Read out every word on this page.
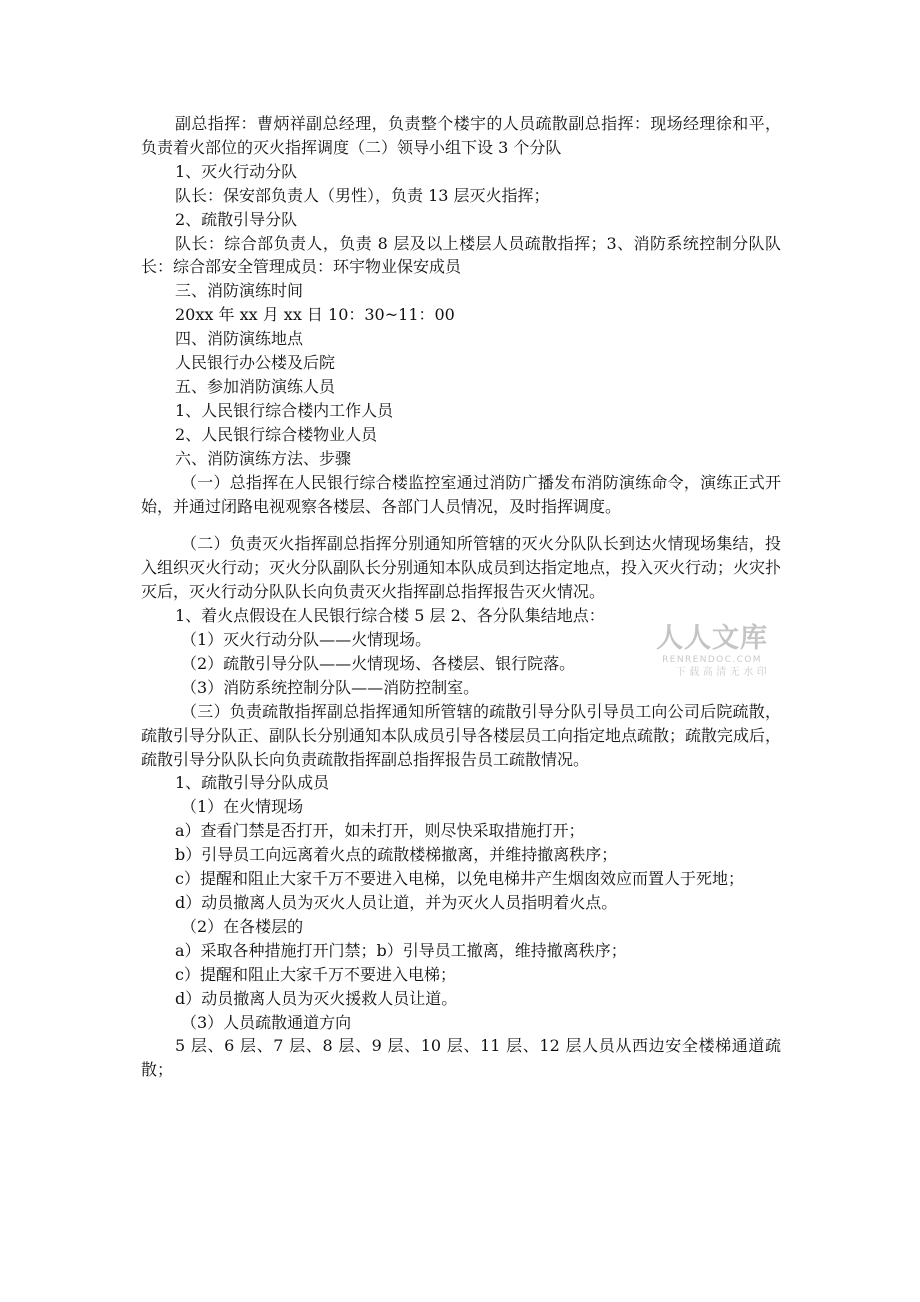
副总指挥：曹炳祥副总经理，负责整个楼宇的人员疏散副总指挥：现场经理徐和平，负责着火部位的灭火指挥调度（二）领导小组下设 3 个分队

1、灭火行动分队

队长：保安部负责人（男性），负责 13 层灭火指挥；

2、疏散引导分队

队长：综合部负责人，负责 8 层及以上楼层人员疏散指挥；3、消防系统控制分队队长：综合部安全管理成员：环宇物业保安成员

三、消防演练时间

20xx 年 xx 月 xx 日 10：30~11：00

四、消防演练地点

人民银行办公楼及后院

五、参加消防演练人员

1、人民银行综合楼内工作人员

2、人民银行综合楼物业人员

六、消防演练方法、步骤

（一）总指挥在人民银行综合楼监控室通过消防广播发布消防演练命令，演练正式开始，并通过闭路电视观察各楼层、各部门人员情况，及时指挥调度。

（二）负责灭火指挥副总指挥分别通知所管辖的灭火分队队长到达火情现场集结，投入组织灭火行动；灭火分队副队长分别通知本队成员到达指定地点，投入灭火行动；火灾扑灭后，灭火行动分队队长向负责灭火指挥副总指挥报告灭火情况。

1、着火点假设在人民银行综合楼 5 层 2、各分队集结地点：

（1）灭火行动分队——火情现场。

（2）疏散引导分队——火情现场、各楼层、银行院落。

（3）消防系统控制分队——消防控制室。

（三）负责疏散指挥副总指挥通知所管辖的疏散引导分队引导员工向公司后院疏散，疏散引导分队正、副队长分别通知本队成员引导各楼层员工向指定地点疏散；疏散完成后，疏散引导分队队长向负责疏散指挥副总指挥报告员工疏散情况。

1、疏散引导分队成员

（1）在火情现场

a）查看门禁是否打开，如未打开，则尽快采取措施打开；

b）引导员工向远离着火点的疏散楼梯撤离，并维持撤离秩序；

c）提醒和阻止大家千万不要进入电梯，以免电梯井产生烟囱效应而置人于死地；

d）动员撤离人员为灭火人员让道，并为灭火人员指明着火点。

（2）在各楼层的

a）采取各种措施打开门禁；b）引导员工撤离，维持撤离秩序；

c）提醒和阻止大家千万不要进入电梯；

d）动员撤离人员为灭火援救人员让道。

（3）人员疏散通道方向

5 层、6 层、7 层、8 层、9 层、10 层、11 层、12 层人员从西边安全楼梯通道疏散；

人人文库
RENRENDOC.COM
下载高清无水印
